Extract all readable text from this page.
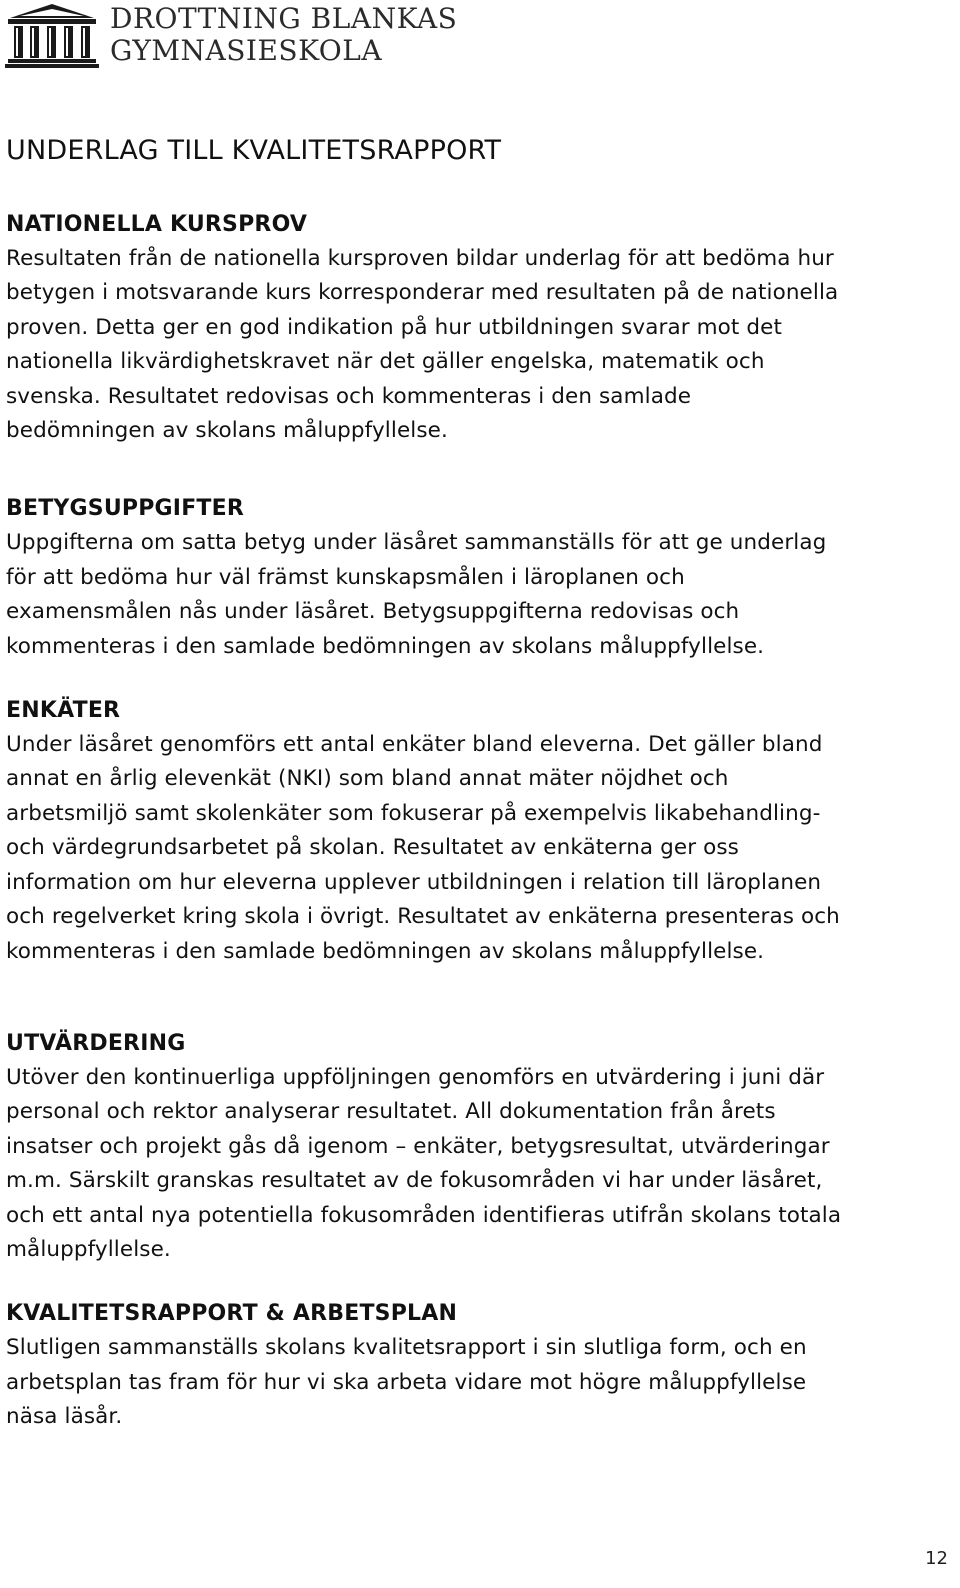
DROTTNING BLANKAS
GYMNASIESKOLA
UNDERLAG TILL KVALITETSRAPPORT
NATIONELLA KURSPROV

Resultaten från de nationella kursproven bildar underlag för att bedöma hur
betygen i motsvarande kurs korresponderar med resultaten på de nationella
proven. Detta ger en god indikation på hur utbildningen svarar mot det
nationella likvärdighetskravet när det gäller engelska, matematik och
svenska. Resultatet redovisas och kommenteras i den samlade
bedömningen av skolans måluppfyllelse.

BETYGSUPPGIFTER

Uppgifterna om satta betyg under läsåret sammanställs för att ge underlag
för att bedöma hur väl främst kunskapsmålen i läroplanen och
examensmålen nås under läsåret. Betygsuppgifterna redovisas och
kommenteras i den samlade bedömningen av skolans måluppfyllelse.

ENKÄTER

Under läsåret genomförs ett antal enkäter bland eleverna. Det gäller bland
annat en årlig elevenkät (NKI) som bland annat mäter nöjdhet och
arbetsmiljö samt skolenkäter som fokuserar på exempelvis likabehandling-
och värdegrundsarbetet på skolan. Resultatet av enkäterna ger oss
information om hur eleverna upplever utbildningen i relation till läroplanen
och regelverket kring skola i övrigt. Resultatet av enkäterna presenteras och
kommenteras i den samlade bedömningen av skolans måluppfyllelse.

UTVÄRDERING

Utöver den kontinuerliga uppföljningen genomförs en utvärdering i juni där
personal och rektor analyserar resultatet. All dokumentation från årets
insatser och projekt gås då igenom – enkäter, betygsresultat, utvärderingar
m.m. Särskilt granskas resultatet av de fokusområden vi har under läsåret,
och ett antal nya potentiella fokusområden identifieras utifrån skolans totala
måluppfyllelse.

KVALITETSRAPPORT & ARBETSPLAN

Slutligen sammanställs skolans kvalitetsrapport i sin slutliga form, och en
arbetsplan tas fram för hur vi ska arbeta vidare mot högre måluppfyllelse
näsa läsår.

12
